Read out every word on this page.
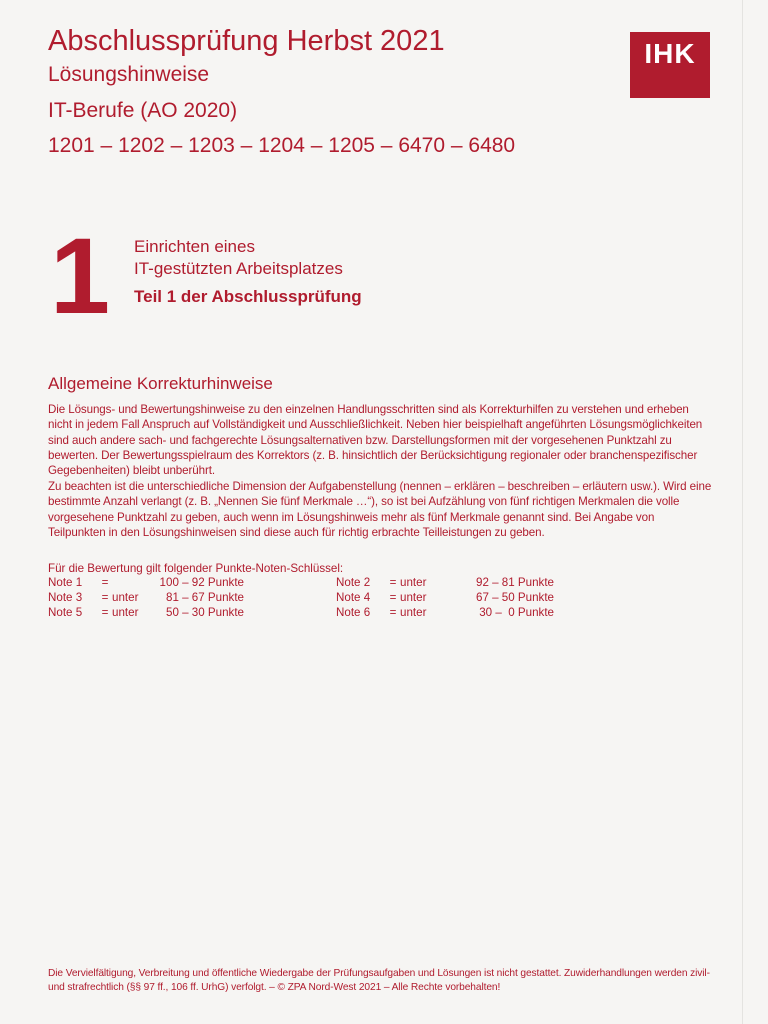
Abschlussprüfung Herbst 2021
Lösungshinweise
IT-Berufe (AO 2020)
1201 – 1202 – 1203 – 1204 – 1205 – 6470 – 6480
IHK
1 Einrichten eines
IT-gestützten Arbeitsplatzes
Teil 1 der Abschlussprüfung
Allgemeine Korrekturhinweise
Die Lösungs- und Bewertungshinweise zu den einzelnen Handlungsschritten sind als Korrekturhilfen zu verstehen und erheben nicht in jedem Fall Anspruch auf Vollständigkeit und Ausschließlichkeit. Neben hier beispielhaft angeführten Lösungsmöglichkeiten sind auch andere sach- und fachgerechte Lösungsalternativen bzw. Darstellungsformen mit der vorgesehenen Punktzahl zu bewerten. Der Bewertungsspielraum des Korrektors (z. B. hinsichtlich der Berücksichtigung regionaler oder branchenspezifischer Gegebenheiten) bleibt unberührt.
Zu beachten ist die unterschiedliche Dimension der Aufgabenstellung (nennen – erklären – beschreiben – erläutern usw.). Wird eine bestimmte Anzahl verlangt (z. B. „Nennen Sie fünf Merkmale …“), so ist bei Aufzählung von fünf richtigen Merkmalen die volle vorgesehene Punktzahl zu geben, auch wenn im Lösungshinweis mehr als fünf Merkmale genannt sind. Bei Angabe von Teilpunkten in den Lösungshinweisen sind diese auch für richtig erbrachte Teilleistungen zu geben.
Für die Bewertung gilt folgender Punkte-Noten-Schlüssel:
Note 1 =	100 – 92 Punkte
Note 3 = unter 81 – 67 Punkte
Note 5 = unter 50 – 30 Punkte
Note 2 = unter	92 – 81 Punkte
Note 4 = unter	67 – 50 Punkte
Note 6 = unter	30 –  0 Punkte
Die Vervielfältigung, Verbreitung und öffentliche Wiedergabe der Prüfungsaufgaben und Lösungen ist nicht gestattet. Zuwiderhandlungen werden zivil- und strafrechtlich (§§ 97 ff., 106 ff. UrhG) verfolgt. – © ZPA Nord-West 2021 – Alle Rechte vorbehalten!
